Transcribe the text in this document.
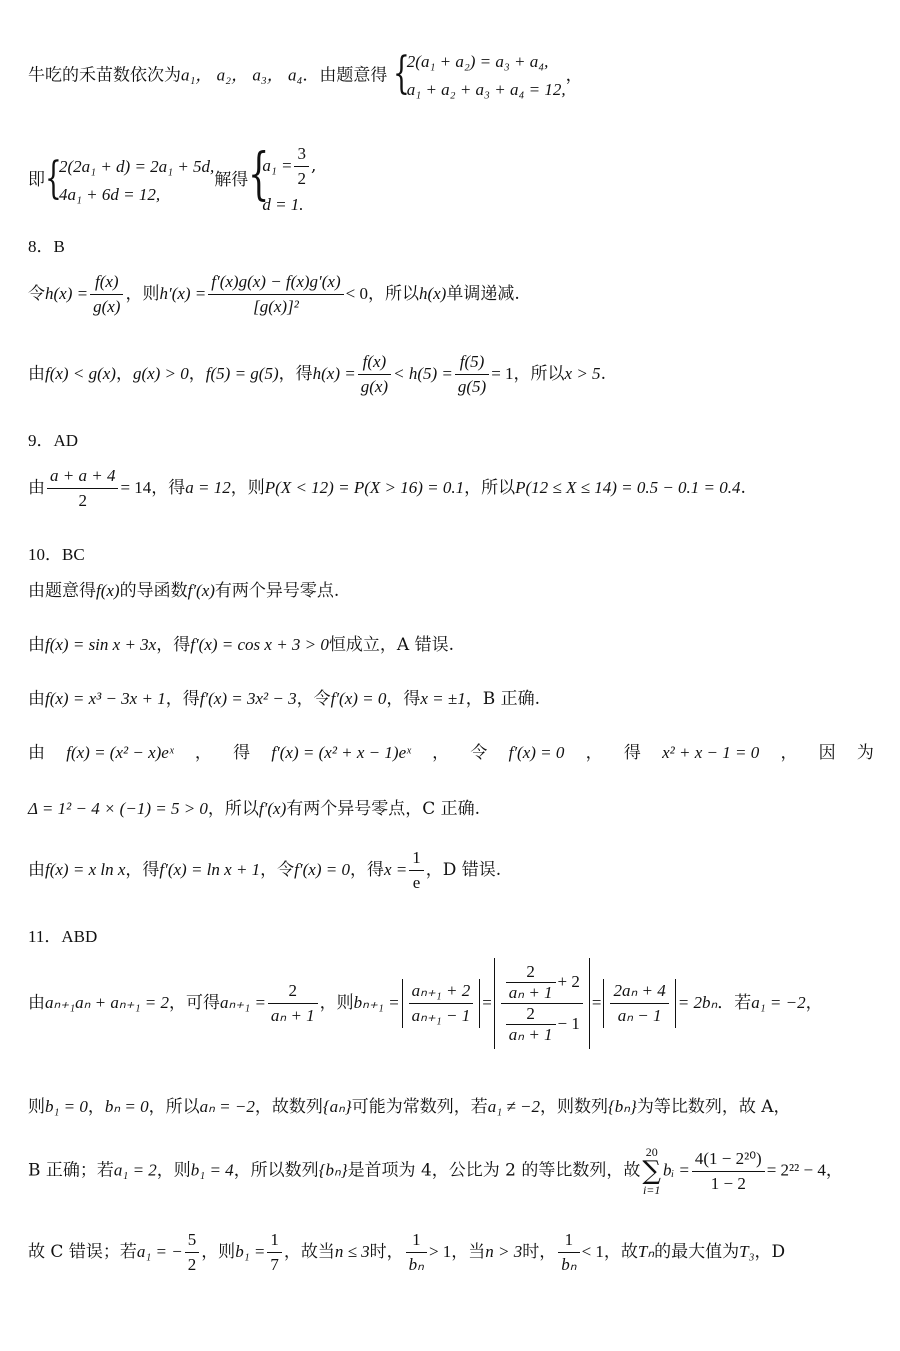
牛吃的禾苗数依次为a₁， a₂， a₃， a₄．由题意得 {
2(a₁ + a₂) = a₃ + a₄,
a₁ + a₂ + a₃ + a₄ = 12,
，
即 {
2(2a₁ + d) = 2a₁ + 5d,
4a₁ + 6d = 12,
解得 {
$a_1 = \frac{3}{2}$ ,
d = 1.
8．B
令$h(x) = \frac{f(x)}{g(x)}$ ，则$h'(x) = \frac{f'(x)g(x) - f(x)g'(x)}{\text{[g(x)]²}} < 0$，所以h(x)单调递减.
由f(x) < g(x)，g(x) > 0，f(5) = g(5)，得$h(x) = \frac{f(x)}{g(x)} < h(5) = \frac{f(5)}{g(5)} = 1$，所以x > 5.
9．AD
由 $\frac{a + a + 4}{2} = 14$，得a = 12，则P(X < 12) = P(X > 16) = 0.1，所以P(12 ≤ X ≤ 14) = 0.5 − 0.1 = 0.4.
10．BC
由题意得f(x)的导函数f′(x)有两个异号零点.
由f(x) = sin x + 3x，得f′(x) = cos x + 3 > 0恒成立，A 错误.
由f(x) = x³ − 3x + 1，得f′(x) = 3x² − 3，令f′(x) = 0，得x = ±1，B 正确.
由 f(x) = (x² − x)eˣ ， 得 f′(x) = (x² + x − 1)eˣ ， 令 f′(x) = 0 ， 得 x² + x − 1 = 0 ， 因 为
Δ = 1² − 4 × (−1) = 5 > 0，所以f′(x)有两个异号零点，C 正确.
由f(x) = x ln x，得f′(x) = ln x + 1，令f′(x) = 0，得$x = \frac{1}{e}$ ，D 错误.
11．ABD
由aₙ₊₁aₙ + aₙ₊₁ = 2，可得$a_{n+1} = \frac{2}{\text{aₙ + 1}}$ ，则$b_{n+1} = \frac{\text{aₙ₊₁ + 2}}{\text{aₙ₊₁ − 1}} = \frac{\frac{2}{\text{aₙ + 1}} + 2}{\frac{2}{\text{aₙ + 1}} - 1} = \frac{\text{2aₙ + 4}}{\text{aₙ − 1}} = 2b_n$．若a₁ = −2，
则b₁ = 0，bₙ = 0，所以aₙ = −2，故数列{aₙ}可能为常数列，若a₁ ≠ −2，则数列{bₙ}为等比数列，故 A，
B 正确；若a₁ = 2，则b₁ = 4，所以数列{bₙ}是首项为 4，公比为 2 的等比数列，故20
∑
i=1bᵢ = $\frac{\text{4(1 − 2²⁰)}}{1 - 2} = 2^{22} - 4$，
故 C 错误；若a₁ = − $\frac{5}{2}$ ，则$b_1 = \frac{1}{7}$ ，故当n ≤ 3时， $\frac{1}{\text{bₙ}} > 1$，当n > 3时， $\frac{1}{\text{bₙ}} < 1$，故Tₙ的最大值为T₃，D
